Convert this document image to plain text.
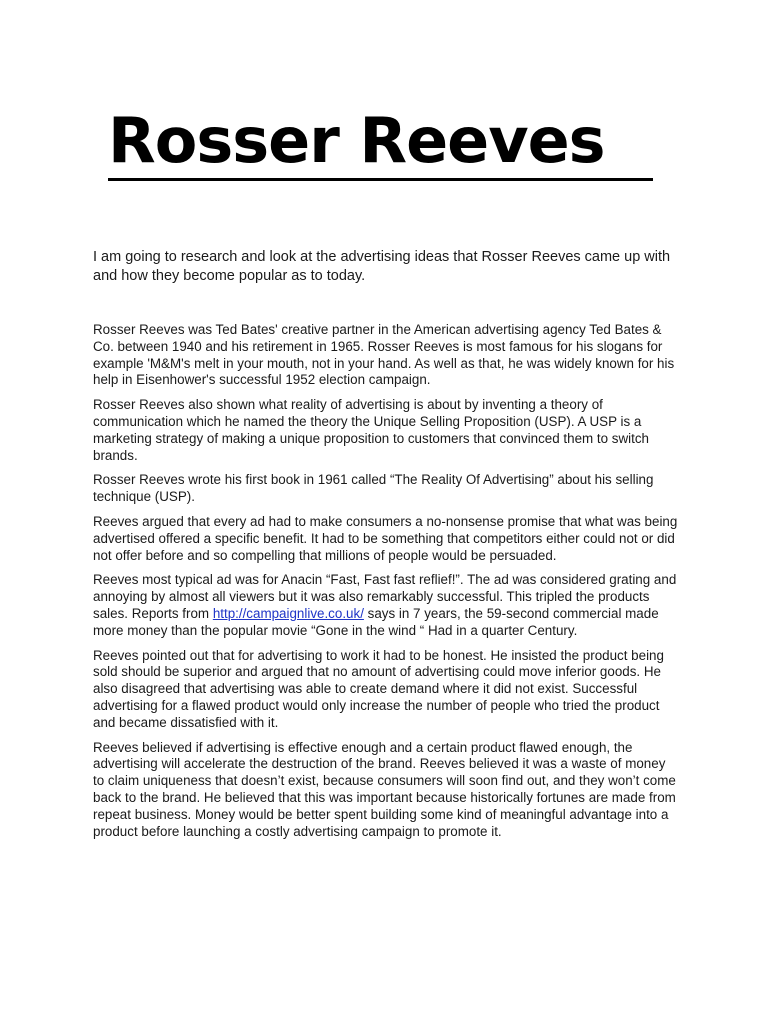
Rosser Reeves

I am going to research and look at the advertising ideas that Rosser Reeves came up with and how they become popular as to today.

Rosser Reeves was Ted Bates' creative partner in the American advertising agency Ted Bates & Co. between 1940 and his retirement in 1965. Rosser Reeves is most famous for his slogans for example 'M&M's melt in your mouth, not in your hand. As well as that, he was widely known for his help in Eisenhower's successful 1952 election campaign.

Rosser Reeves also shown what reality of advertising is about by inventing a theory of communication which he named the theory the Unique Selling Proposition (USP). A USP is a marketing strategy of making a unique proposition to customers that convinced them to switch brands.

Rosser Reeves wrote his first book in 1961 called “The Reality Of Advertising” about his selling technique (USP).

Reeves argued that every ad had to make consumers a no-nonsense promise that what was being advertised offered a specific benefit. It had to be something that competitors either could not or did not offer before and so compelling that millions of people would be persuaded.

Reeves most typical ad was for Anacin “Fast, Fast fast reflief!”. The ad was considered grating and annoying by almost all viewers but it was also remarkably successful. This tripled the products sales. Reports from http://campaignlive.co.uk/ says in 7 years, the 59-second commercial made more money than the popular movie “Gone in the wind “ Had in a quarter Century.

Reeves pointed out that for advertising to work it had to be honest. He insisted the product being sold should be superior and argued that no amount of advertising could move inferior goods. He also disagreed that advertising was able to create demand where it did not exist. Successful advertising for a flawed product would only increase the number of people who tried the product and became dissatisfied with it.

Reeves believed if advertising is effective enough and a certain product flawed enough, the advertising will accelerate the destruction of the brand. Reeves believed it was a waste of money to claim uniqueness that doesn’t exist, because consumers will soon find out, and they won’t come back to the brand. He believed that this was important because historically fortunes are made from repeat business. Money would be better spent building some kind of meaningful advantage into a product before launching a costly advertising campaign to promote it.
